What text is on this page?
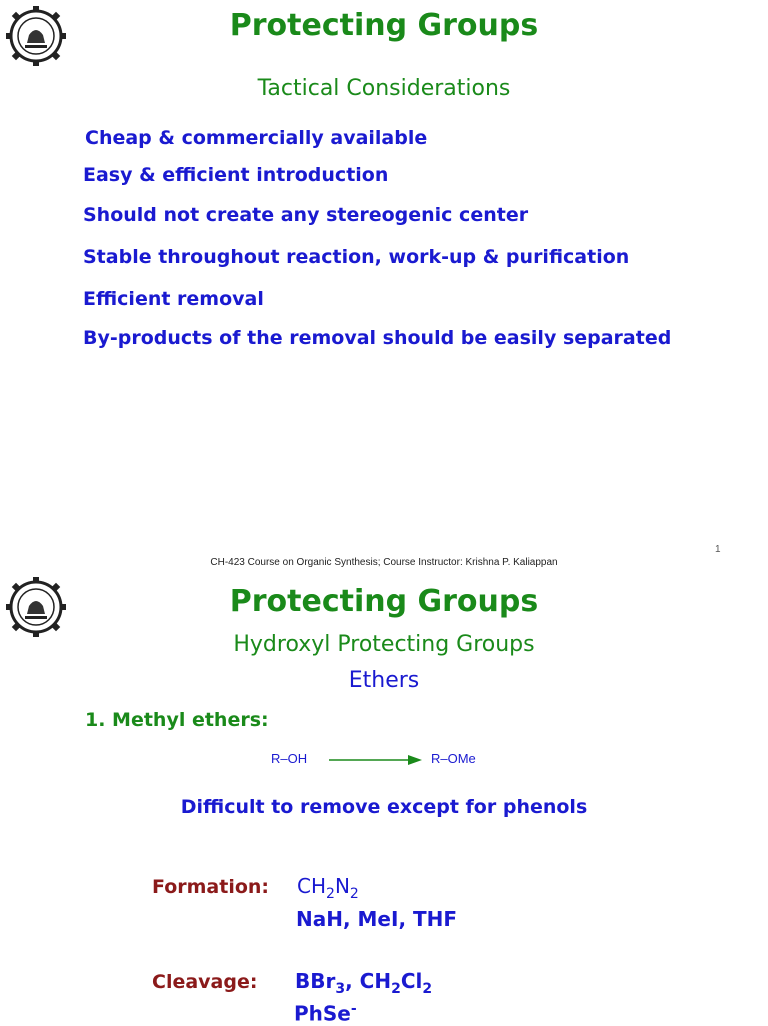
Protecting Groups
Tactical Considerations
Cheap & commercially available
Easy & efficient introduction
Should not create any stereogenic center
Stable throughout reaction, work-up & purification
Efficient removal
By-products of the removal should be easily separated
1
CH-423 Course on Organic Synthesis; Course Instructor: Krishna P. Kaliappan
Protecting Groups
Hydroxyl Protecting Groups
Ethers
1. Methyl ethers:
R–OH	R–OMe
Difficult to remove except for phenols
Formation: $CH_2N_2$
NaH, MeI, THF
Cleavage: BBr$_3$, $CH_2Cl_2$
PhSe-
